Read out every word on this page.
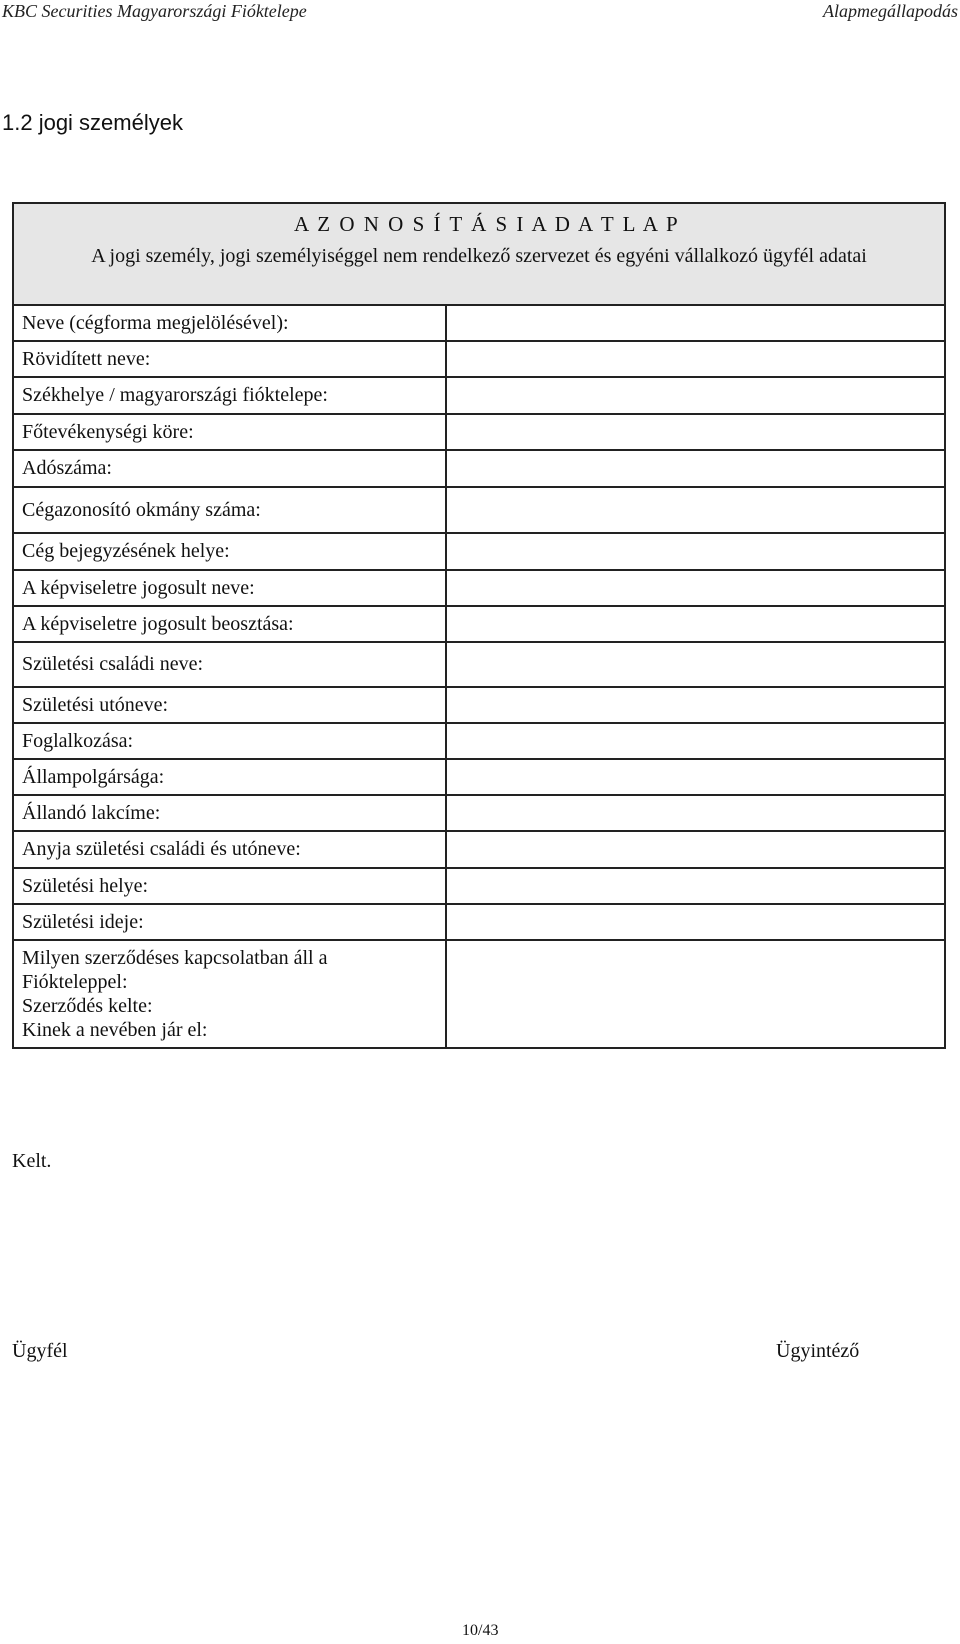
KBC Securities Magyarországi Fióktelepe	Alapmegállapodás
1.2 jogi személyek
A Z O N O S Í T Á S I A D A T L A P
A jogi személy, jogi személyiséggel nem rendelkező szervezet és egyéni vállalkozó ügyfél adatai
Neve (cégforma megjelölésével):	
Rövidített neve:	
Székhelye / magyarországi fióktelepe:	
Főtevékenységi köre:	
Adószáma:	
Cégazonosító okmány száma:	
Cég bejegyzésének helye:	
A képviseletre jogosult neve:	
A képviseletre jogosult beosztása:	
Születési családi neve:	
Születési utóneve:	
Foglalkozása:	
Állampolgársága:	
Állandó lakcíme:	
Anyja születési családi és utóneve:	
Születési helye:	
Születési ideje:	
Milyen szerződéses kapcsolatban áll a Fiókteleppel:
Szerződés kelte:
Kinek a nevében jár el:	
Kelt.
Ügyfél	Ügyintéző
10/43
